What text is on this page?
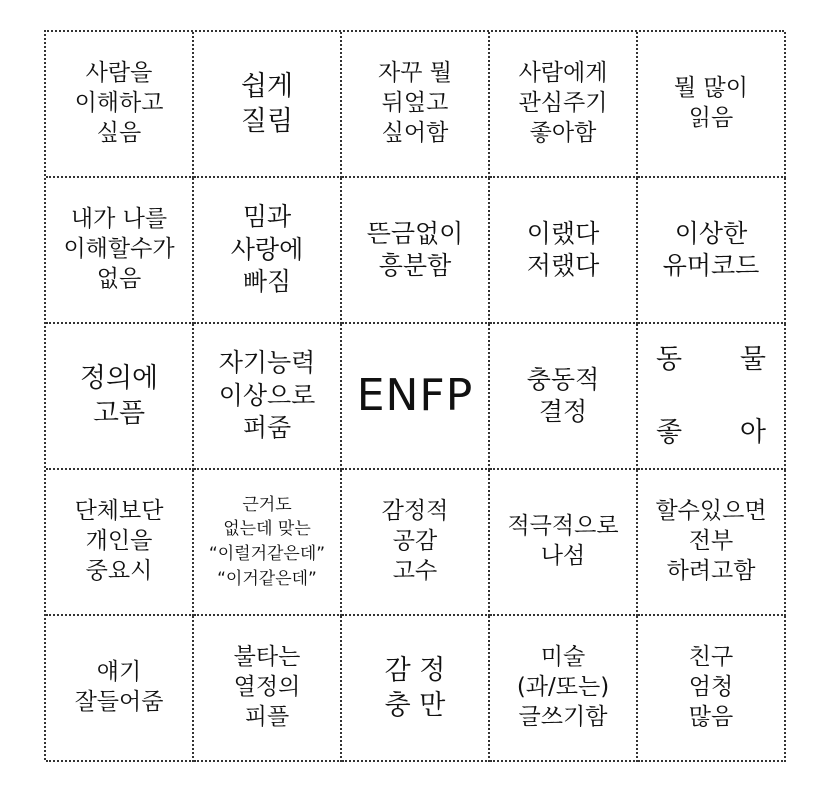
사람을
이해하고
싶음
쉽게
질림
자꾸 뭘
뒤엎고
싶어함
사람에게
관심주기
좋아함
뭘 많이
읽음
내가 나를
이해할수가
없음
밈과
사랑에
빠짐
뜬금없이
흥분함
이랬다
저랬다
이상한
유머코드
정의에
고픔
자기능력
이상으로
퍼줌
ENFP	충동적
결정
동 물
좋 아
단체보단
개인을
중요시
근거도
없는데 맞는
“이럴거같은데”
“이거같은데”
감정적
공감
고수
적극적으로
나섬
할수있으면
전부
하려고함
얘기
잘들어줌
불타는
열정의
피플
감 정
충 만
미술
(과/또는)
글쓰기함
친구
엄청
많음
